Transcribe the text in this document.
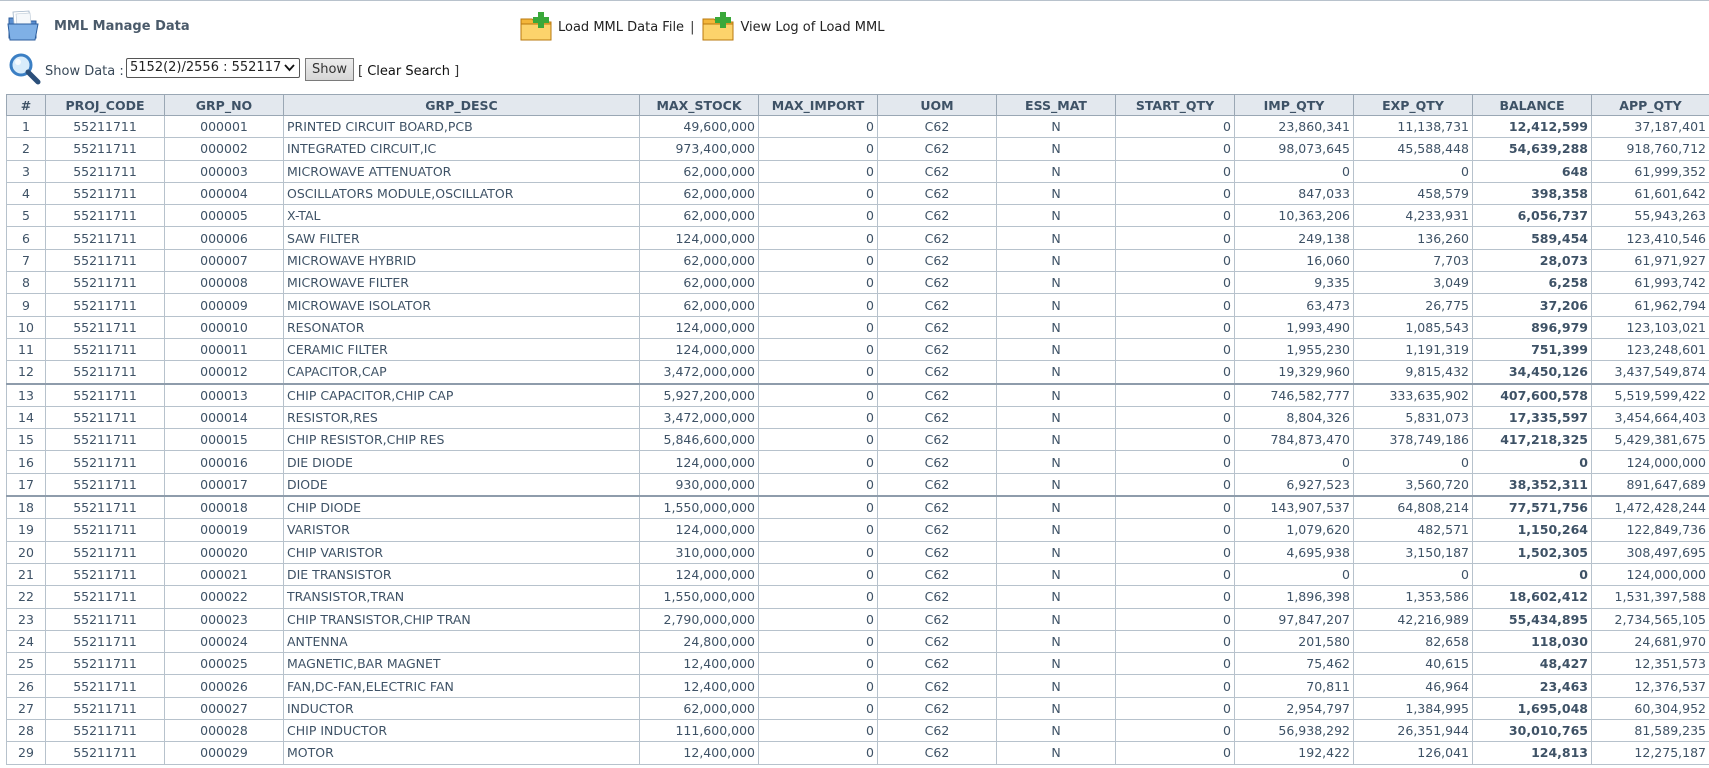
MML Manage Data	Load MML Data File |	View Log of Load MML
Show Data : 5152(2)/2556 : 552117	Show [ Clear Search ]
#	PROJ_CODE	GRP_NO	GRP_DESC	MAX_STOCK	MAX_IMPORT	UOM	ESS_MAT	START_QTY	IMP_QTY	EXP_QTY	BALANCE	APP_QTY
1	55211711	000001	PRINTED CIRCUIT BOARD,PCB	49,600,000	0	C62	N	0	23,860,341	11,138,731	12,412,599	37,187,401
2	55211711	000002	INTEGRATED CIRCUIT,IC	973,400,000	0	C62	N	0	98,073,645	45,588,448	54,639,288	918,760,712
3	55211711	000003	MICROWAVE ATTENUATOR	62,000,000	0	C62	N	0	0	0	648	61,999,352
4	55211711	000004	OSCILLATORS MODULE,OSCILLATOR	62,000,000	0	C62	N	0	847,033	458,579	398,358	61,601,642
5	55211711	000005	X-TAL	62,000,000	0	C62	N	0	10,363,206	4,233,931	6,056,737	55,943,263
6	55211711	000006	SAW FILTER	124,000,000	0	C62	N	0	249,138	136,260	589,454	123,410,546
7	55211711	000007	MICROWAVE HYBRID	62,000,000	0	C62	N	0	16,060	7,703	28,073	61,971,927
8	55211711	000008	MICROWAVE FILTER	62,000,000	0	C62	N	0	9,335	3,049	6,258	61,993,742
9	55211711	000009	MICROWAVE ISOLATOR	62,000,000	0	C62	N	0	63,473	26,775	37,206	61,962,794
10	55211711	000010	RESONATOR	124,000,000	0	C62	N	0	1,993,490	1,085,543	896,979	123,103,021
11	55211711	000011	CERAMIC FILTER	124,000,000	0	C62	N	0	1,955,230	1,191,319	751,399	123,248,601
12	55211711	000012	CAPACITOR,CAP	3,472,000,000	0	C62	N	0	19,329,960	9,815,432	34,450,126	3,437,549,874
13	55211711	000013	CHIP CAPACITOR,CHIP CAP	5,927,200,000	0	C62	N	0	746,582,777	333,635,902	407,600,578	5,519,599,422
14	55211711	000014	RESISTOR,RES	3,472,000,000	0	C62	N	0	8,804,326	5,831,073	17,335,597	3,454,664,403
15	55211711	000015	CHIP RESISTOR,CHIP RES	5,846,600,000	0	C62	N	0	784,873,470	378,749,186	417,218,325	5,429,381,675
16	55211711	000016	DIE DIODE	124,000,000	0	C62	N	0	0	0	0	124,000,000
17	55211711	000017	DIODE	930,000,000	0	C62	N	0	6,927,523	3,560,720	38,352,311	891,647,689
18	55211711	000018	CHIP DIODE	1,550,000,000	0	C62	N	0	143,907,537	64,808,214	77,571,756	1,472,428,244
19	55211711	000019	VARISTOR	124,000,000	0	C62	N	0	1,079,620	482,571	1,150,264	122,849,736
20	55211711	000020	CHIP VARISTOR	310,000,000	0	C62	N	0	4,695,938	3,150,187	1,502,305	308,497,695
21	55211711	000021	DIE TRANSISTOR	124,000,000	0	C62	N	0	0	0	0	124,000,000
22	55211711	000022	TRANSISTOR,TRAN	1,550,000,000	0	C62	N	0	1,896,398	1,353,586	18,602,412	1,531,397,588
23	55211711	000023	CHIP TRANSISTOR,CHIP TRAN	2,790,000,000	0	C62	N	0	97,847,207	42,216,989	55,434,895	2,734,565,105
24	55211711	000024	ANTENNA	24,800,000	0	C62	N	0	201,580	82,658	118,030	24,681,970
25	55211711	000025	MAGNETIC,BAR MAGNET	12,400,000	0	C62	N	0	75,462	40,615	48,427	12,351,573
26	55211711	000026	FAN,DC-FAN,ELECTRIC FAN	12,400,000	0	C62	N	0	70,811	46,964	23,463	12,376,537
27	55211711	000027	INDUCTOR	62,000,000	0	C62	N	0	2,954,797	1,384,995	1,695,048	60,304,952
28	55211711	000028	CHIP INDUCTOR	111,600,000	0	C62	N	0	56,938,292	26,351,944	30,010,765	81,589,235
29	55211711	000029	MOTOR	12,400,000	0	C62	N	0	192,422	126,041	124,813	12,275,187
